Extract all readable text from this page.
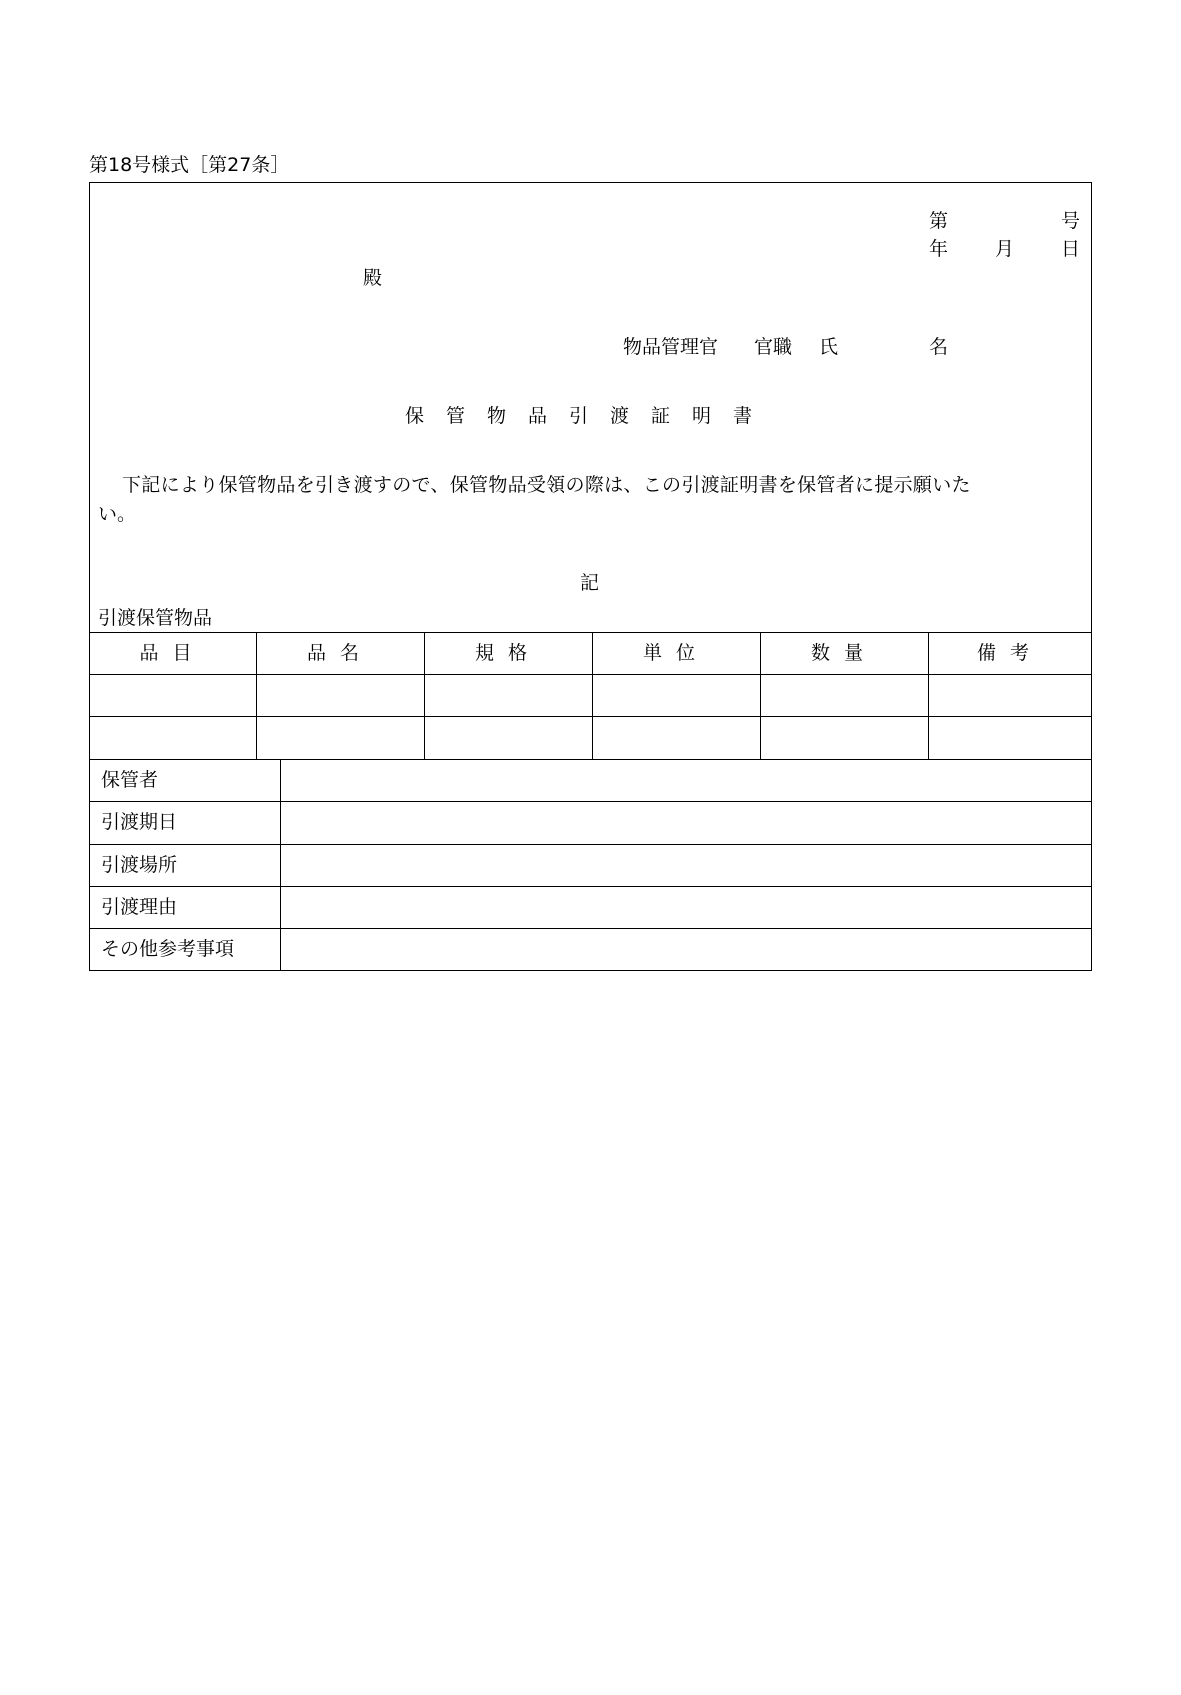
第18号様式［第27条］
第	号
年 月 日
殿
物品管理官 官職 氏	名
保管物品引渡証明書
下記により保管物品を引き渡すので、保管物品受領の際は、この引渡証明書を保管者に提示願いた
い。
記
引渡保管物品
品目	品名	規格	単位	数量	備考
保管者
引渡期日
引渡場所
引渡理由
その他参考事項
